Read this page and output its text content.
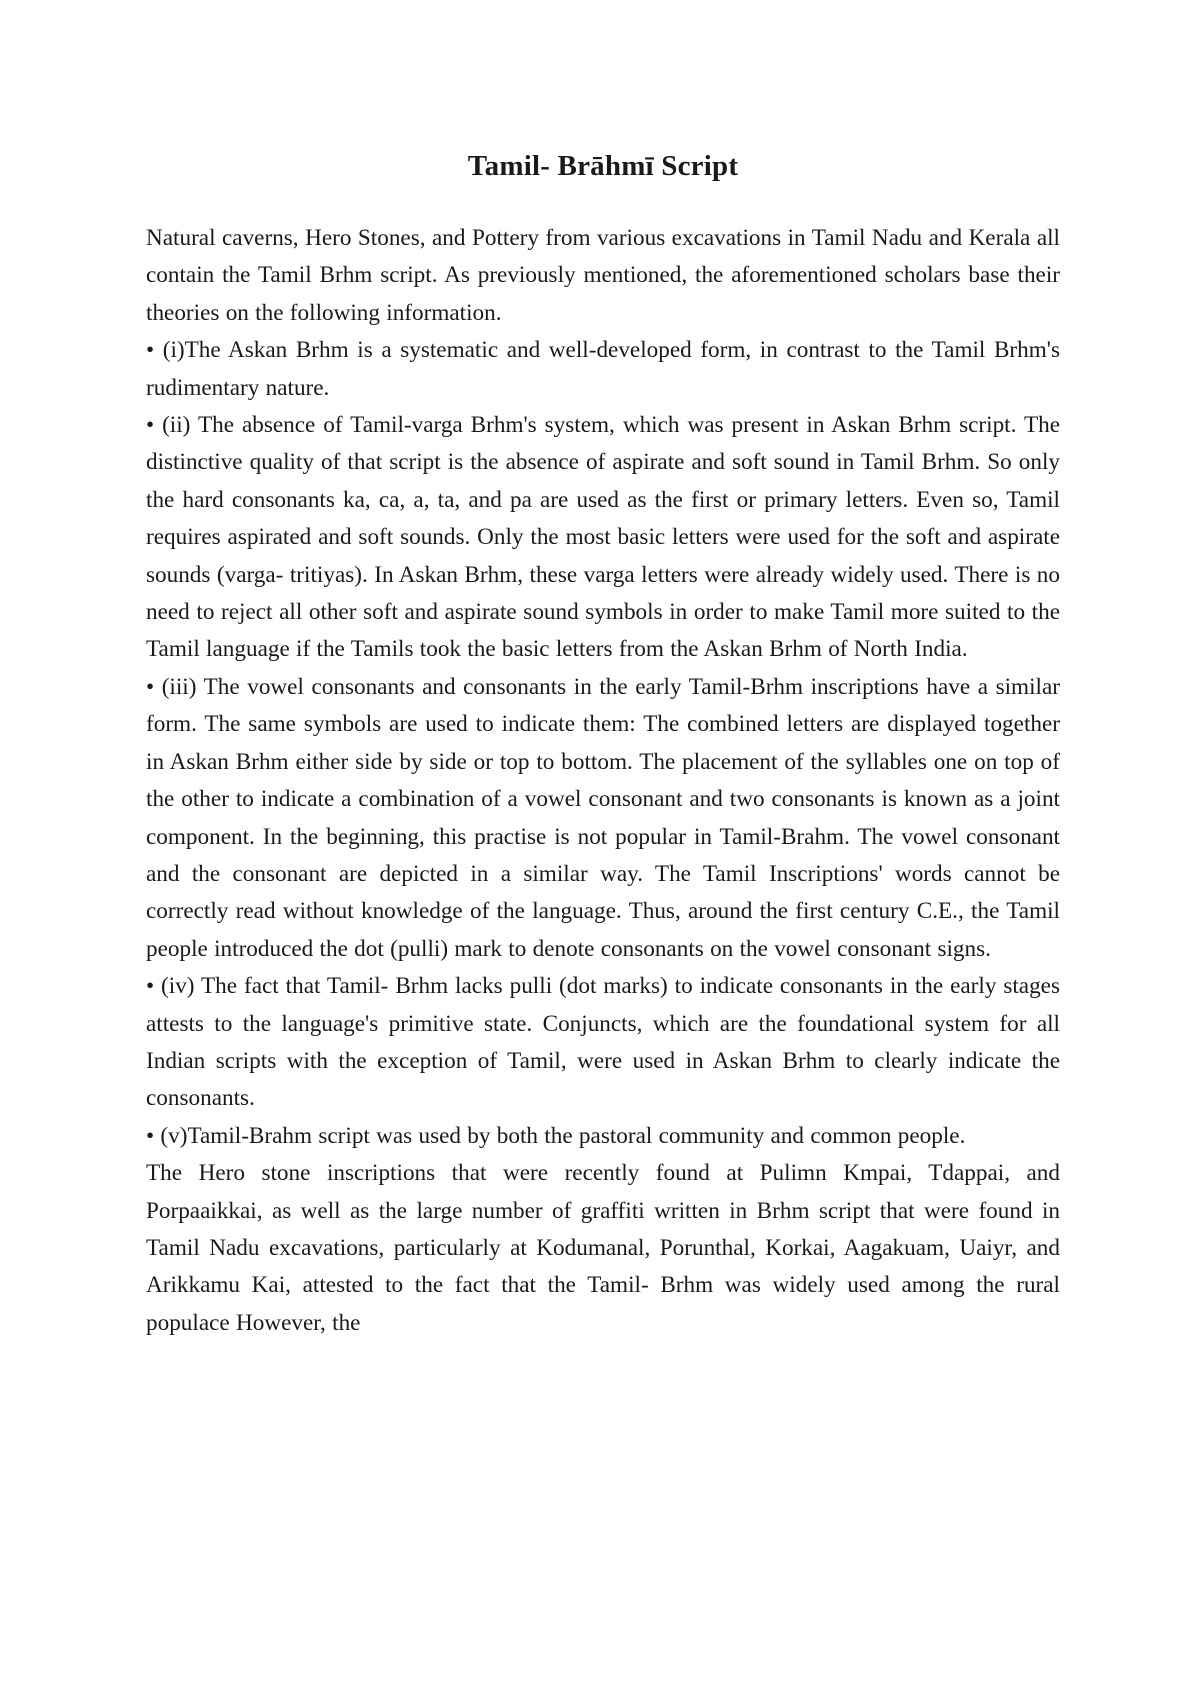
Tamil- Brāhmī Script

Natural caverns, Hero Stones, and Pottery from various excavations in Tamil Nadu and Kerala all contain the Tamil Brhm script. As previously mentioned, the aforementioned scholars base their theories on the following information.

• (i)The Askan Brhm is a systematic and well-developed form, in contrast to the Tamil Brhm's rudimentary nature.

• (ii) The absence of Tamil-varga Brhm's system, which was present in Askan Brhm script. The distinctive quality of that script is the absence of aspirate and soft sound in Tamil Brhm. So only the hard consonants ka, ca, a, ta, and pa are used as the first or primary letters. Even so, Tamil requires aspirated and soft sounds. Only the most basic letters were used for the soft and aspirate sounds (varga- tritiyas). In Askan Brhm, these varga letters were already widely used. There is no need to reject all other soft and aspirate sound symbols in order to make Tamil more suited to the Tamil language if the Tamils took the basic letters from the Askan Brhm of North India.

• (iii) The vowel consonants and consonants in the early Tamil-Brhm inscriptions have a similar form. The same symbols are used to indicate them: The combined letters are displayed together in Askan Brhm either side by side or top to bottom. The placement of the syllables one on top of the other to indicate a combination of a vowel consonant and two consonants is known as a joint component. In the beginning, this practise is not popular in Tamil-Brahm. The vowel consonant and the consonant are depicted in a similar way. The Tamil Inscriptions' words cannot be correctly read without knowledge of the language. Thus, around the first century C.E., the Tamil people introduced the dot (pulli) mark to denote consonants on the vowel consonant signs.

• (iv) The fact that Tamil- Brhm lacks pulli (dot marks) to indicate consonants in the early stages attests to the language's primitive state. Conjuncts, which are the foundational system for all Indian scripts with the exception of Tamil, were used in Askan Brhm to clearly indicate the consonants.

• (v)Tamil-Brahm script was used by both the pastoral community and common people.

The Hero stone inscriptions that were recently found at Pulimn Kmpai, Tdappai, and Porpaaikkai, as well as the large number of graffiti written in Brhm script that were found in Tamil Nadu excavations, particularly at Kodumanal, Porunthal, Korkai, Aagakuam, Uaiyr, and Arikkamu Kai, attested to the fact that the Tamil- Brhm was widely used among the rural populace However, the
